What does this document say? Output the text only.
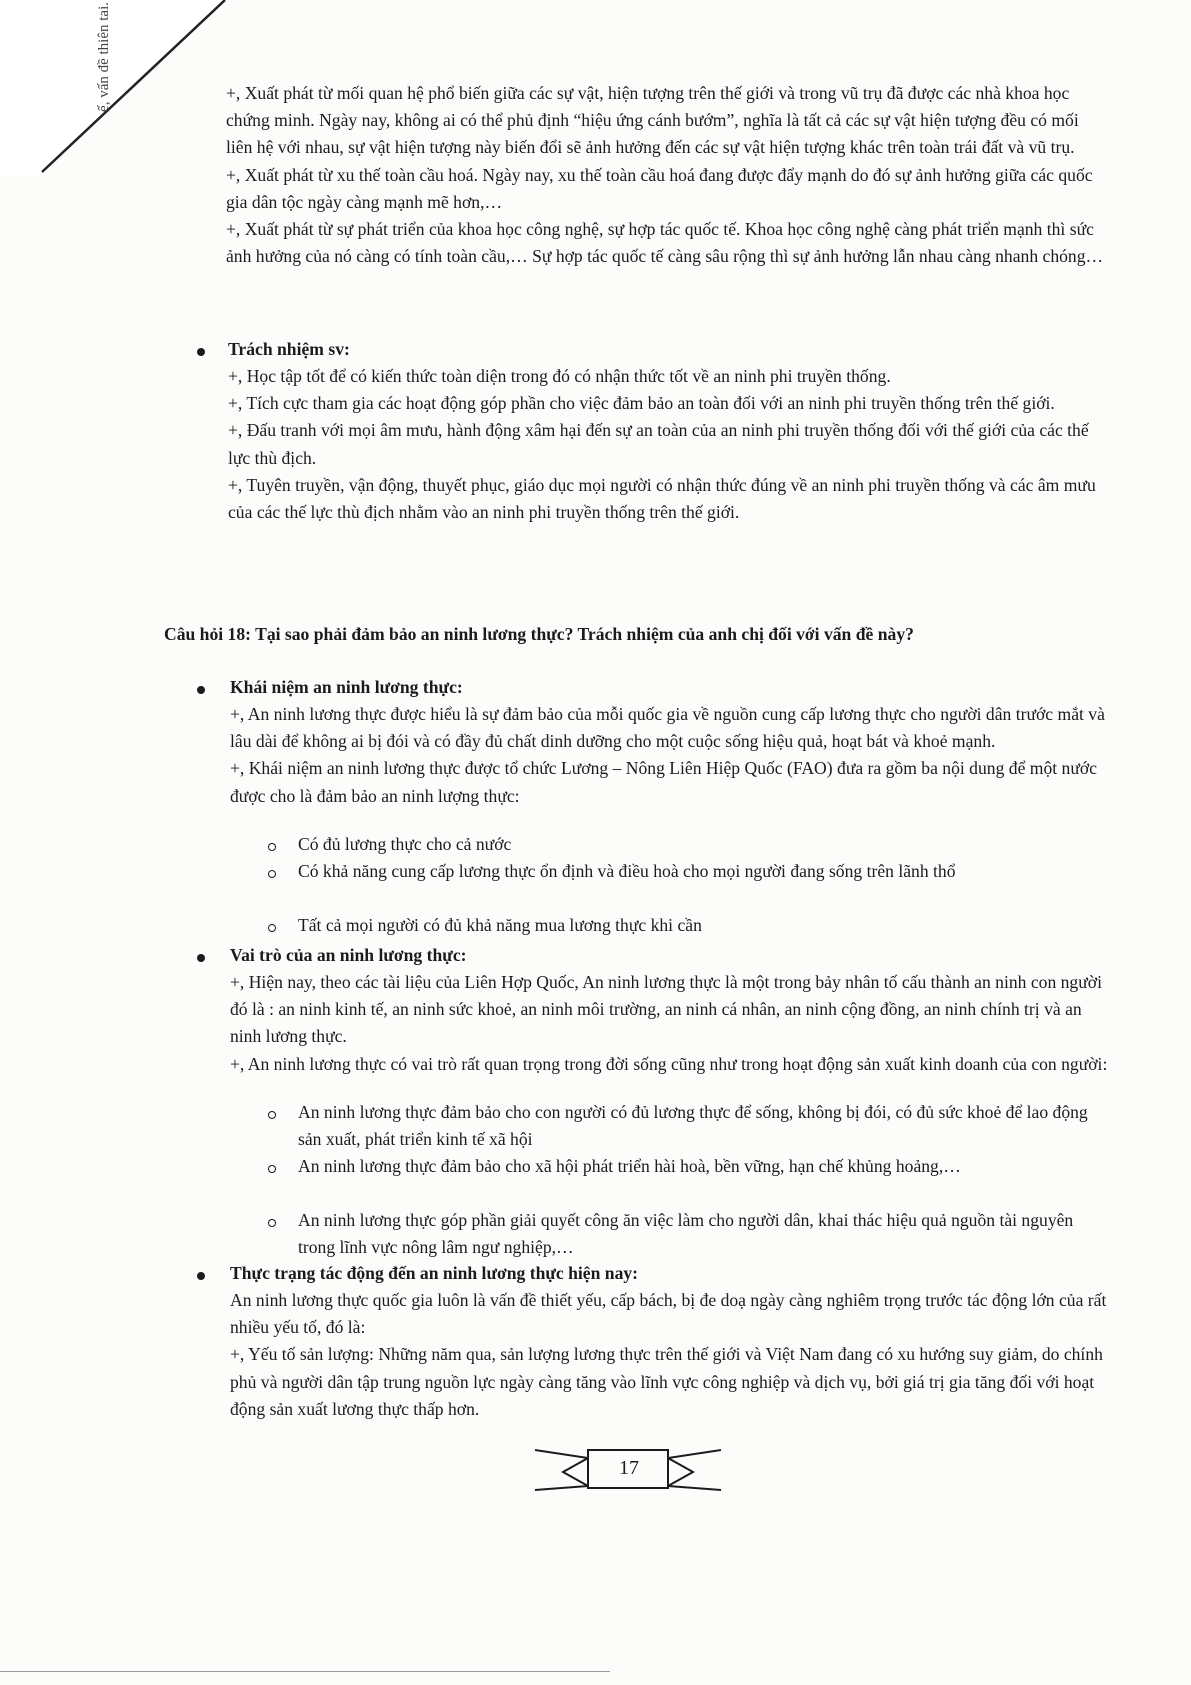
ế, vấn đề thiên tai.	+, Xuất phát từ mối quan hệ phổ biến giữa các sự vật, hiện tượng trên thế giới và trong vũ trụ đã được các nhà khoa học chứng minh. Ngày nay, không ai có thể phủ định “hiệu ứng cánh bướm”, nghĩa là tất cả các sự vật hiện tượng đều có mối liên hệ với nhau, sự vật hiện tượng này biến đổi sẽ ảnh hưởng đến các sự vật hiện tượng khác trên toàn trái đất và vũ trụ.

+, Xuất phát từ xu thế toàn cầu hoá. Ngày nay, xu thế toàn cầu hoá đang được đẩy mạnh do đó sự ảnh hưởng giữa các quốc gia dân tộc ngày càng mạnh mẽ hơn,…

+, Xuất phát từ sự phát triển của khoa học công nghệ, sự hợp tác quốc tế. Khoa học công nghệ càng phát triển mạnh thì sức ảnh hưởng của nó càng có tính toàn cầu,… Sự hợp tác quốc tế càng sâu rộng thì sự ảnh hưởng lẫn nhau càng nhanh chóng…

Trách nhiệm sv:

+, Học tập tốt để có kiến thức toàn diện trong đó có nhận thức tốt về an ninh phi truyền thống.

+, Tích cực tham gia các hoạt động góp phần cho việc đảm bảo an toàn đối với an ninh phi truyền thống trên thế giới.

+, Đấu tranh với mọi âm mưu, hành động xâm hại đến sự an toàn của an ninh phi truyền thống đối với thế giới của các thế lực thù địch.

+, Tuyên truyền, vận động, thuyết phục, giáo dục mọi người có nhận thức đúng về an ninh phi truyền thống và các âm mưu của các thế lực thù địch nhằm vào an ninh phi truyền thống trên thế giới.

Câu hỏi 18: Tại sao phải đảm bảo an ninh lương thực? Trách nhiệm của anh chị đối với vấn đề này?
Khái niệm an ninh lương thực:

+, An ninh lương thực được hiểu là sự đảm bảo của mỗi quốc gia về nguồn cung cấp lương thực cho người dân trước mắt và lâu dài để không ai bị đói và có đầy đủ chất dinh dưỡng cho một cuộc sống hiệu quả, hoạt bát và khoẻ mạnh.

+, Khái niệm an ninh lương thực được tổ chức Lương – Nông Liên Hiệp Quốc (FAO) đưa ra gồm ba nội dung để một nước được cho là đảm bảo an ninh lượng thực:

Có đủ lương thực cho cả nước
Có khả năng cung cấp lương thực ổn định và điều hoà cho mọi người đang sống trên lãnh thổ
Tất cả mọi người có đủ khả năng mua lương thực khi cần
Vai trò của an ninh lương thực:

+, Hiện nay, theo các tài liệu của Liên Hợp Quốc, An ninh lương thực là một trong bảy nhân tố cấu thành an ninh con người đó là : an ninh kinh tế, an ninh sức khoẻ, an ninh môi trường, an ninh cá nhân, an ninh cộng đồng, an ninh chính trị và an ninh lương thực.

+, An ninh lương thực có vai trò rất quan trọng trong đời sống cũng như trong hoạt động sản xuất kinh doanh của con người:

An ninh lương thực đảm bảo cho con người có đủ lương thực để sống, không bị đói, có đủ sức khoẻ để lao động sản xuất, phát triển kinh tế xã hội
An ninh lương thực đảm bảo cho xã hội phát triển hài hoà, bền vững, hạn chế khủng hoảng,…
An ninh lương thực góp phần giải quyết công ăn việc làm cho người dân, khai thác hiệu quả nguồn tài nguyên trong lĩnh vực nông lâm ngư nghiệp,…
Thực trạng tác động đến an ninh lương thực hiện nay:

An ninh lương thực quốc gia luôn là vấn đề thiết yếu, cấp bách, bị đe doạ ngày càng nghiêm trọng trước tác động lớn của rất nhiều yếu tố, đó là:

+, Yếu tố sản lượng: Những năm qua, sản lượng lương thực trên thế giới và Việt Nam đang có xu hướng suy giảm, do chính phủ và người dân tập trung nguồn lực ngày càng tăng vào lĩnh vực công nghiệp và dịch vụ, bởi giá trị gia tăng đối với hoạt động sản xuất lương thực thấp hơn.

17
